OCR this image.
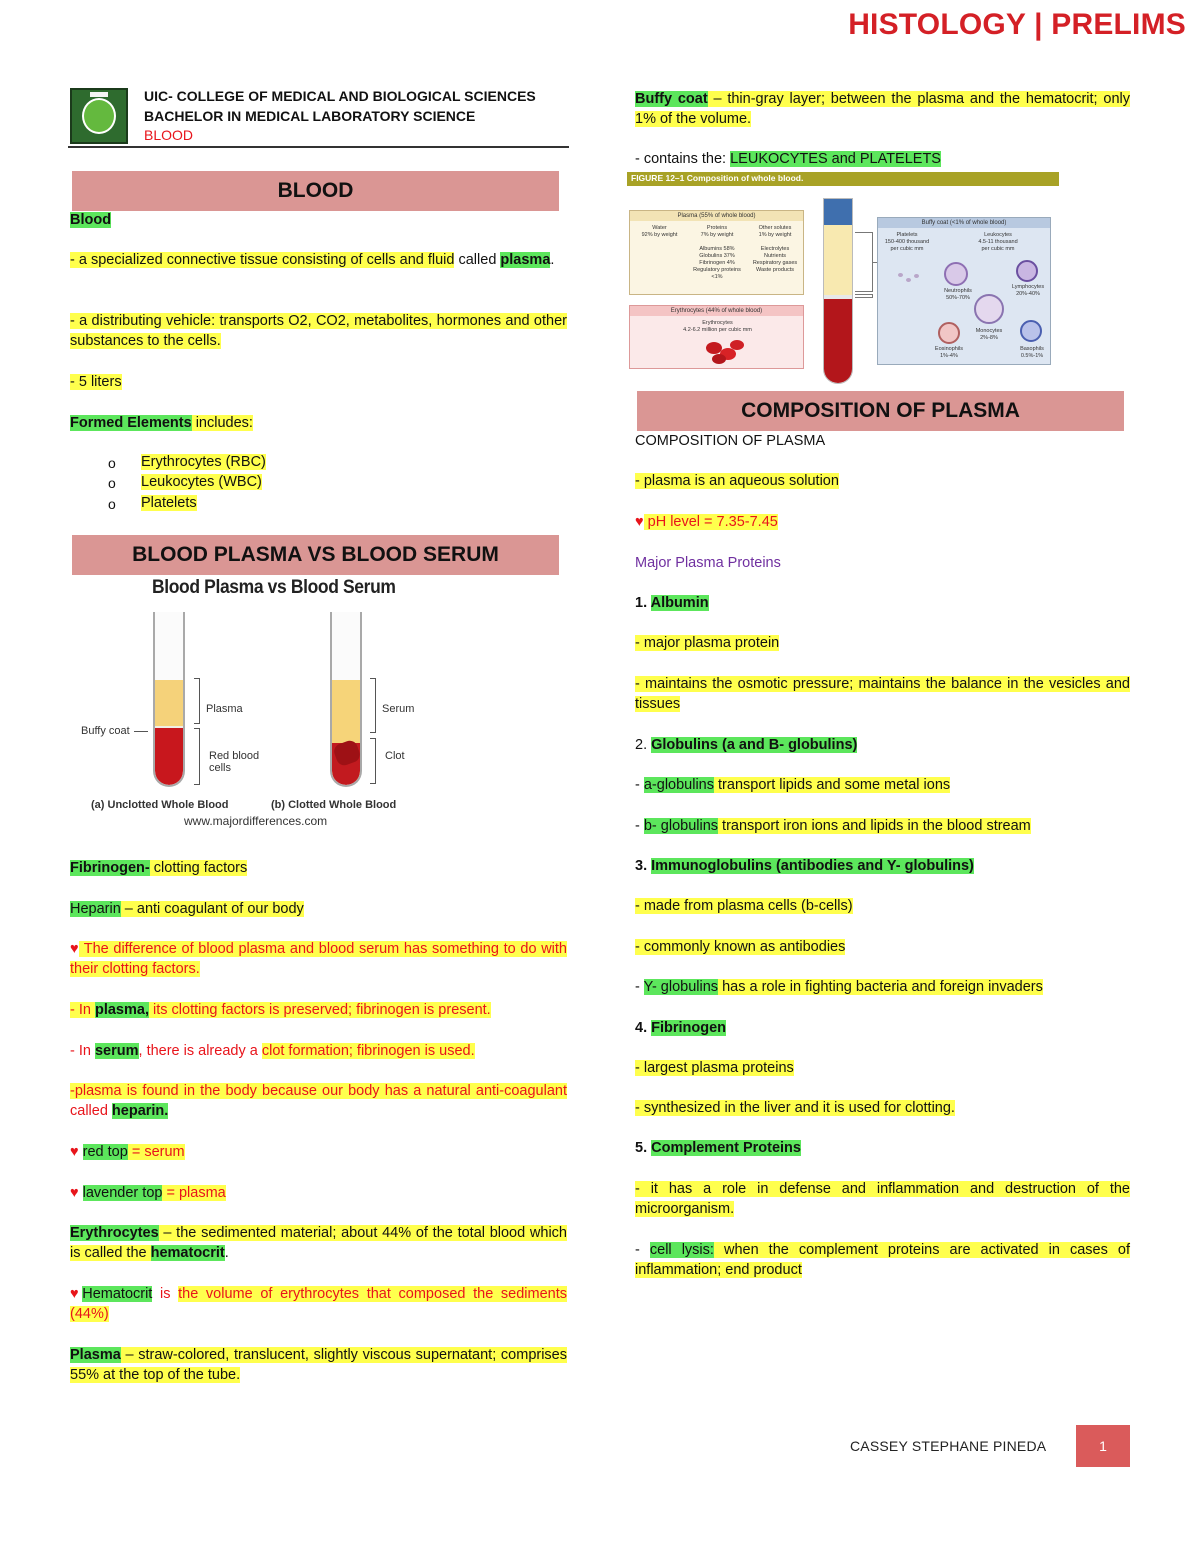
HISTOLOGY | PRELIMS
UIC- COLLEGE OF MEDICAL AND BIOLOGICAL SCIENCES
BACHELOR IN MEDICAL LABORATORY SCIENCE
BLOOD
BLOOD
Blood
- a specialized connective tissue consisting of cells and fluid called plasma.
- a distributing vehicle: transports O2, CO2, metabolites, hormones and other substances to the cells.
- 5 liters
Formed Elements includes:
o Erythrocytes (RBC)
o Leukocytes (WBC)
o Platelets
BLOOD PLASMA VS BLOOD SERUM
Blood Plasma vs Blood Serum
Plasma
Buffy coat
Red blood
cells
Serum
Clot
(a) Unclotted Whole Blood	(b) Clotted Whole Blood
www.majordifferences.com
Fibrinogen- clotting factors
Heparin – anti coagulant of our body
♥ The difference of blood plasma and blood serum has something to do with their clotting factors.
- In plasma, its clotting factors is preserved; fibrinogen is present.
- In serum, there is already a clot formation; fibrinogen is used.
-plasma is found in the body because our body has a natural anti-coagulant called heparin.
♥ red top = serum
♥ lavender top = plasma
Erythrocytes – the sedimented material; about 44% of the total blood which is called the hematocrit.
♥Hematocrit is the volume of erythrocytes that composed the sediments (44%)
Plasma – straw-colored, translucent, slightly viscous supernatant; comprises 55% at the top of the tube.
Buffy coat – thin-gray layer; between the plasma and the hematocrit; only 1% of the volume.
- contains the: LEUKOCYTES and PLATELETS
FIGURE 12–1 Composition of whole blood.
Plasma (55% of whole blood)
Water
92% by weight
Proteins
7% by weight

Albumins 58%
Globulins 37%
Fibrinogen 4%
Regulatory proteins
<1%
Other solutes
1% by weight

Electrolytes
Nutrients
Respiratory gases
Waste products
Erythrocytes (44% of whole blood)
Erythrocytes
4.2-6.2 million per cubic mm
Buffy coat (<1% of whole blood)
Platelets
150-400 thousand
per cubic mm
Leukocytes
4.5-11 thousand
per cubic mm
Neutrophils
50%-70%
Lymphocytes
20%-40%
Monocytes
2%-8%
Eosinophils
1%-4%
Basophils
0.5%-1%
COMPOSITION OF PLASMA
COMPOSITION OF PLASMA
- plasma is an aqueous solution
♥ pH level = 7.35-7.45
Major Plasma Proteins
1. Albumin
- major plasma protein
- maintains the osmotic pressure; maintains the balance in the vesicles and tissues
2. Globulins (a and B- globulins)
- a-globulins transport lipids and some metal ions
- b- globulins transport iron ions and lipids in the blood stream
3. Immunoglobulins (antibodies and Y- globulins)
- made from plasma cells (b-cells)
- commonly known as antibodies
- Y- globulins has a role in fighting bacteria and foreign invaders
4. Fibrinogen
- largest plasma proteins
- synthesized in the liver and it is used for clotting.
5. Complement Proteins
- it has a role in defense and inflammation and destruction of the microorganism.
- cell lysis: when the complement proteins are activated in cases of inflammation; end product
CASSEY STEPHANE PINEDA	1
